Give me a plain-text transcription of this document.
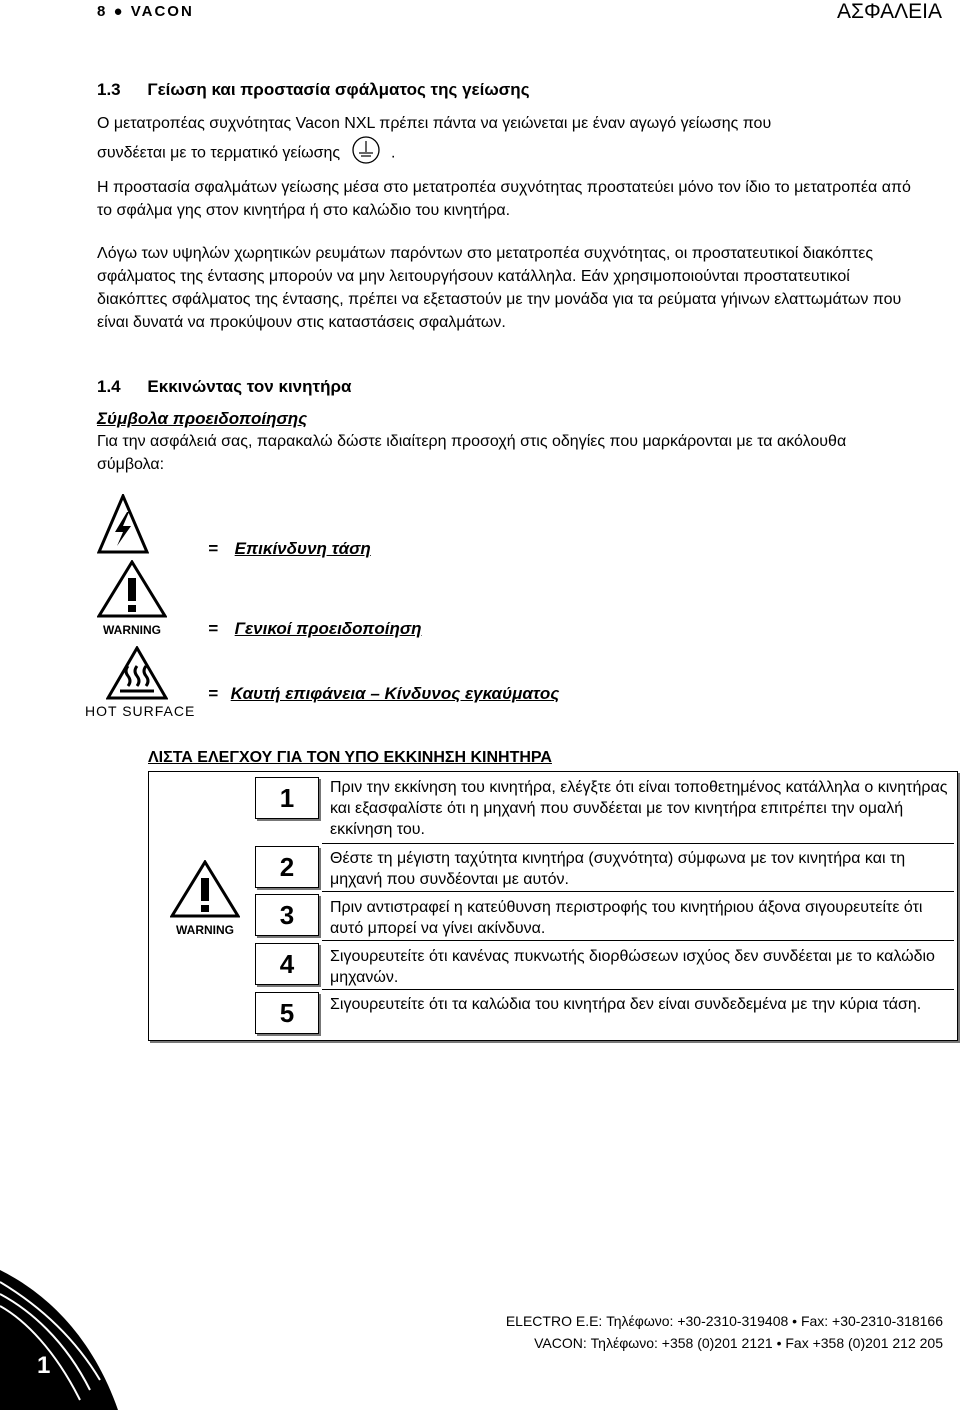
8 ● VACON	ΑΣΦΑΛΕΙΑ
1.3 Γείωση και προστασία σφάλματος της γείωσης
Ο μετατροπέας συχνότητας Vacon NXL πρέπει πάντα να γειώνεται με έναν αγωγό γείωσης που
συνδέεται με το τερματικό γείωσης	.
Η προστασία σφαλμάτων γείωσης μέσα στο μετατροπέα συχνότητας προστατεύει μόνο τον ίδιο το μετατροπέα από το σφάλμα γης στον κινητήρα ή στο καλώδιο του κινητήρα.
Λόγω των υψηλών χωρητικών ρευμάτων παρόντων στο μετατροπέα συχνότητας, οι προστατευτικοί διακόπτες σφάλματος της έντασης μπορούν να μην λειτουργήσουν κατάλληλα. Εάν χρησιμοποιούνται προστατευτικοί διακόπτες σφάλματος της έντασης, πρέπει να εξεταστούν με την μονάδα για τα ρεύματα γήινων ελαττωμάτων που είναι δυνατά να προκύψουν στις καταστάσεις σφαλμάτων.
1.4 Εκκινώντας τον κινητήρα
Σύμβολα προειδοποίησης
Για την ασφάλειά σας, παρακαλώ δώστε ιδιαίτερη προσοχή στις οδηγίες που μαρκάρονται με τα ακόλουθα σύμβολα:
= Επικίνδυνη τάση
WARNING	= Γενικοί προειδοποίηση
HOT SURFACE
= Καυτή επιφάνεια – Κίνδυνος εγκαύματος
ΛΙΣΤΑ ΕΛΕΓΧΟΥ ΓΙΑ ΤΟΝ ΥΠΟ ΕΚΚΙΝΗΣΗ ΚΙΝΗΤΗΡΑ
WARNING
1	Πριν την εκκίνηση του κινητήρα, ελέγξτε ότι είναι τοποθετημένος κατάλληλα ο κινητήρας και εξασφαλίστε ότι η μηχανή που συνδέεται με τον κινητήρα επιτρέπει την ομαλή εκκίνηση του.
2	Θέστε τη μέγιστη ταχύτητα κινητήρα (συχνότητα) σύμφωνα με τον κινητήρα και τη μηχανή που συνδέονται με αυτόν.
3	Πριν αντιστραφεί η κατεύθυνση περιστροφής του κινητήριου άξονα σιγουρευτείτε ότι αυτό μπορεί να γίνει ακίνδυνα.
4	Σιγουρευτείτε ότι κανένας πυκνωτής διορθώσεων ισχύος δεν συνδέεται με το καλώδιο μηχανών.
5	Σιγουρευτείτε ότι τα καλώδια του κινητήρα δεν είναι συνδεδεμένα με την κύρια τάση.
1
ELECTRO E.E: Τηλέφωνο: +30-2310-319408 • Fax: +30-2310-318166
VACON: Τηλέφωνο: +358 (0)201 2121 • Fax +358 (0)201 212 205
